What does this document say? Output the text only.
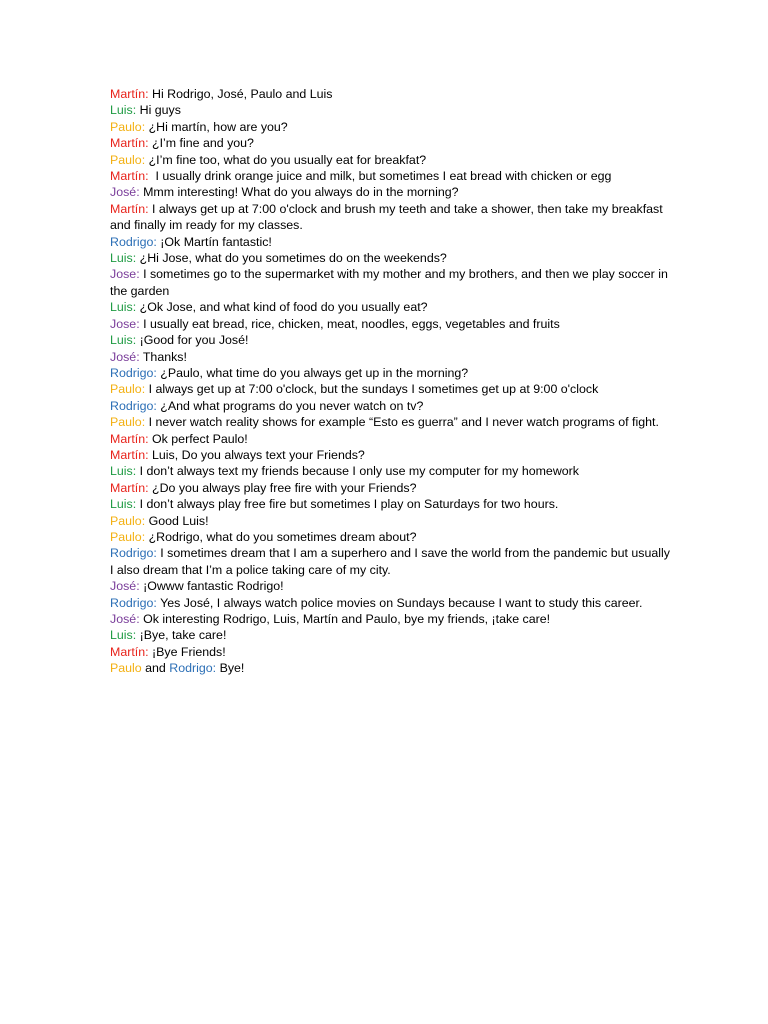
Martín: Hi Rodrigo, José, Paulo and Luis

Luis: Hi guys

Paulo: ¿Hi martín, how are you?

Martín: ¿I’m fine and you?

Paulo: ¿I’m fine too, what do you usually eat for breakfat?

Martín:  I usually drink orange juice and milk, but sometimes I eat bread with chicken or egg

José: Mmm interesting! What do you always do in the morning?

Martín: I always get up at 7:00 o'clock and brush my teeth and take a shower, then take my breakfast and finally im ready for my classes.

Rodrigo: ¡Ok Martín fantastic!

Luis: ¿Hi Jose, what do you sometimes do on the weekends?

Jose: I sometimes go to the supermarket with my mother and my brothers, and then we play soccer in the garden

Luis: ¿Ok Jose, and what kind of food do you usually eat?

Jose: I usually eat bread, rice, chicken, meat, noodles, eggs, vegetables and fruits

Luis: ¡Good for you José!

José: Thanks!

Rodrigo: ¿Paulo, what time do you always get up in the morning?

Paulo: I always get up at 7:00 o'clock, but the sundays I sometimes get up at 9:00 o'clock

Rodrigo: ¿And what programs do you never watch on tv?

Paulo: I never watch reality shows for example “Esto es guerra” and I never watch programs of fight.

Martín: Ok perfect Paulo!

Martín: Luis, Do you always text your Friends?

Luis: I don’t always text my friends because I only use my computer for my homework

Martín: ¿Do you always play free fire with your Friends?

Luis: I don’t always play free fire but sometimes I play on Saturdays for two hours.

Paulo: Good Luis!

Paulo: ¿Rodrigo, what do you sometimes dream about?

Rodrigo: I sometimes dream that I am a superhero and I save the world from the pandemic but usually I also dream that I’m a police taking care of my city.

José: ¡Owww fantastic Rodrigo!

Rodrigo: Yes José, I always watch police movies on Sundays because I want to study this career.

José: Ok interesting Rodrigo, Luis, Martín and Paulo, bye my friends, ¡take care!

Luis: ¡Bye, take care!

Martín: ¡Bye Friends!

Paulo and Rodrigo: Bye!
